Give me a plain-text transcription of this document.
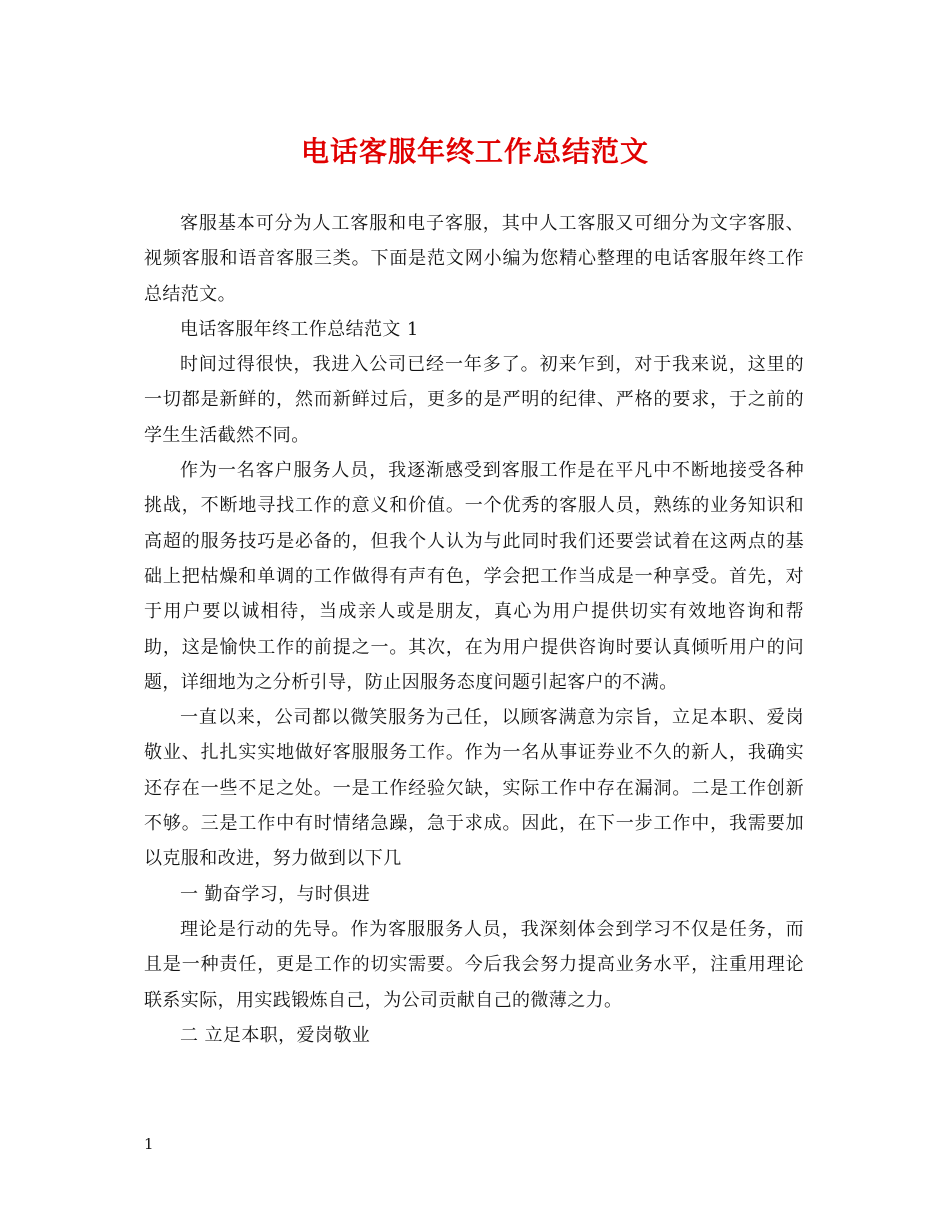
电话客服年终工作总结范文

客服基本可分为人工客服和电子客服，其中人工客服又可细分为文字客服、视频客服和语音客服三类。下面是范文网小编为您精心整理的电话客服年终工作总结范文。

电话客服年终工作总结范文 1

时间过得很快，我进入公司已经一年多了。初来乍到，对于我来说，这里的一切都是新鲜的，然而新鲜过后，更多的是严明的纪律、严格的要求，于之前的学生生活截然不同。

作为一名客户服务人员，我逐渐感受到客服工作是在平凡中不断地接受各种挑战，不断地寻找工作的意义和价值。一个优秀的客服人员，熟练的业务知识和高超的服务技巧是必备的，但我个人认为与此同时我们还要尝试着在这两点的基础上把枯燥和单调的工作做得有声有色，学会把工作当成是一种享受。首先，对于用户要以诚相待，当成亲人或是朋友，真心为用户提供切实有效地咨询和帮助，这是愉快工作的前提之一。其次，在为用户提供咨询时要认真倾听用户的问题，详细地为之分析引导，防止因服务态度问题引起客户的不满。

一直以来，公司都以微笑服务为己任，以顾客满意为宗旨，立足本职、爱岗敬业、扎扎实实地做好客服服务工作。作为一名从事证券业不久的新人，我确实还存在一些不足之处。一是工作经验欠缺，实际工作中存在漏洞。二是工作创新不够。三是工作中有时情绪急躁，急于求成。因此，在下一步工作中，我需要加以克服和改进，努力做到以下几

一 勤奋学习，与时俱进

理论是行动的先导。作为客服服务人员，我深刻体会到学习不仅是任务，而且是一种责任，更是工作的切实需要。今后我会努力提高业务水平，注重用理论联系实际，用实践锻炼自己，为公司贡献自己的微薄之力。

二 立足本职，爱岗敬业

1
